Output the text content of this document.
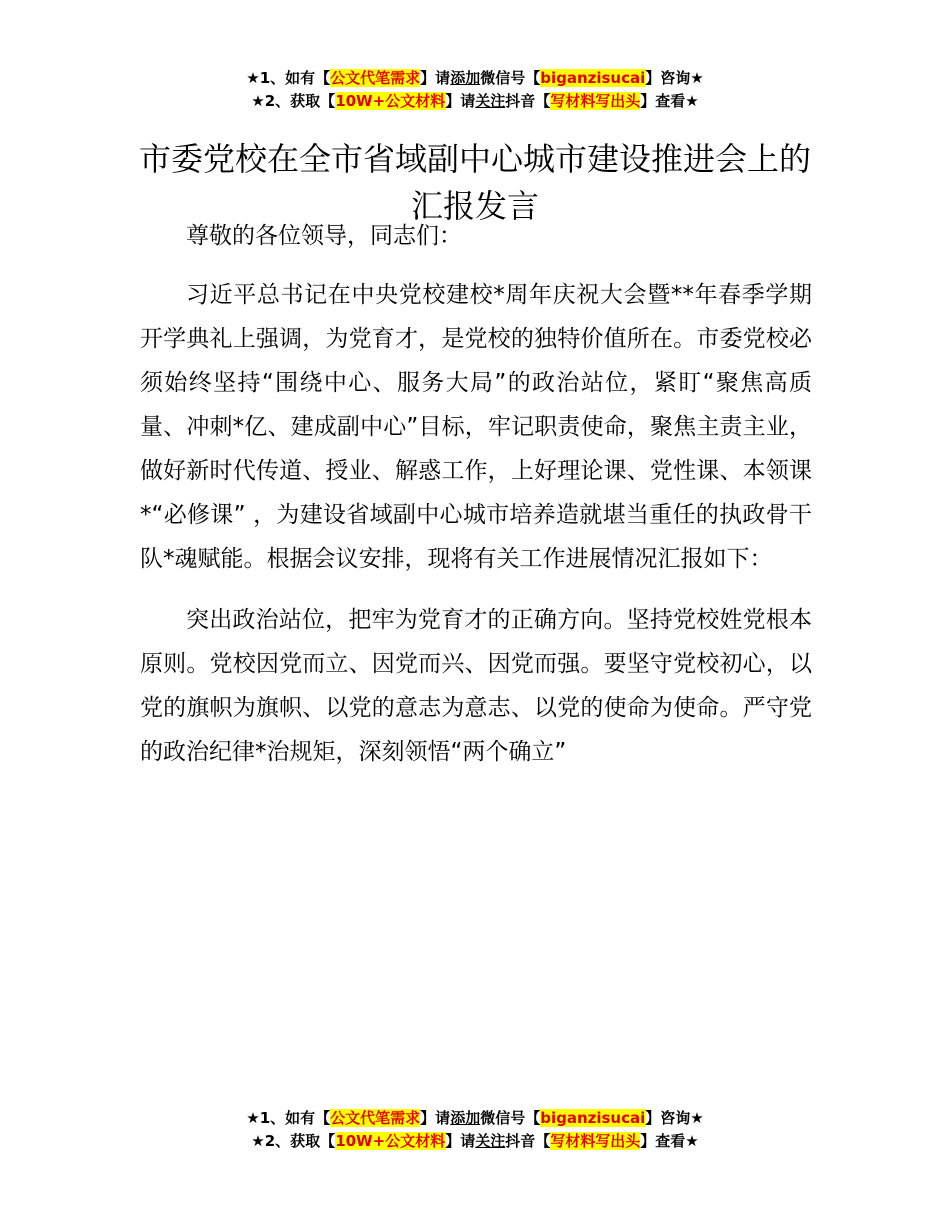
★1、如有【公文代笔需求】请添加微信号【biganzisucai】咨询★
★2、获取【10W+公文材料】请关注抖音【写材料写出头】查看★
市委党校在全市省域副中心城市建设推进会上的汇报发言

尊敬的各位领导，同志们：

习近平总书记在中央党校建校*周年庆祝大会暨**年春季学期开学典礼上强调，为党育才，是党校的独特价值所在。市委党校必须始终坚持“围绕中心、服务大局”的政治站位，紧盯“聚焦高质量、冲刺*亿、建成副中心”目标，牢记职责使命，聚焦主责主业，做好新时代传道、授业、解惑工作，上好理论课、党性课、本领课*“必修课” ，为建设省域副中心城市培养造就堪当重任的执政骨干队*魂赋能。根据会议安排，现将有关工作进展情况汇报如下：

突出政治站位，把牢为党育才的正确方向。坚持党校姓党根本原则。党校因党而立、因党而兴、因党而强。要坚守党校初心，以党的旗帜为旗帜、以党的意志为意志、以党的使命为使命。严守党的政治纪律*治规矩，深刻领悟“两个确立”

★1、如有【公文代笔需求】请添加微信号【biganzisucai】咨询★
★2、获取【10W+公文材料】请关注抖音【写材料写出头】查看★
